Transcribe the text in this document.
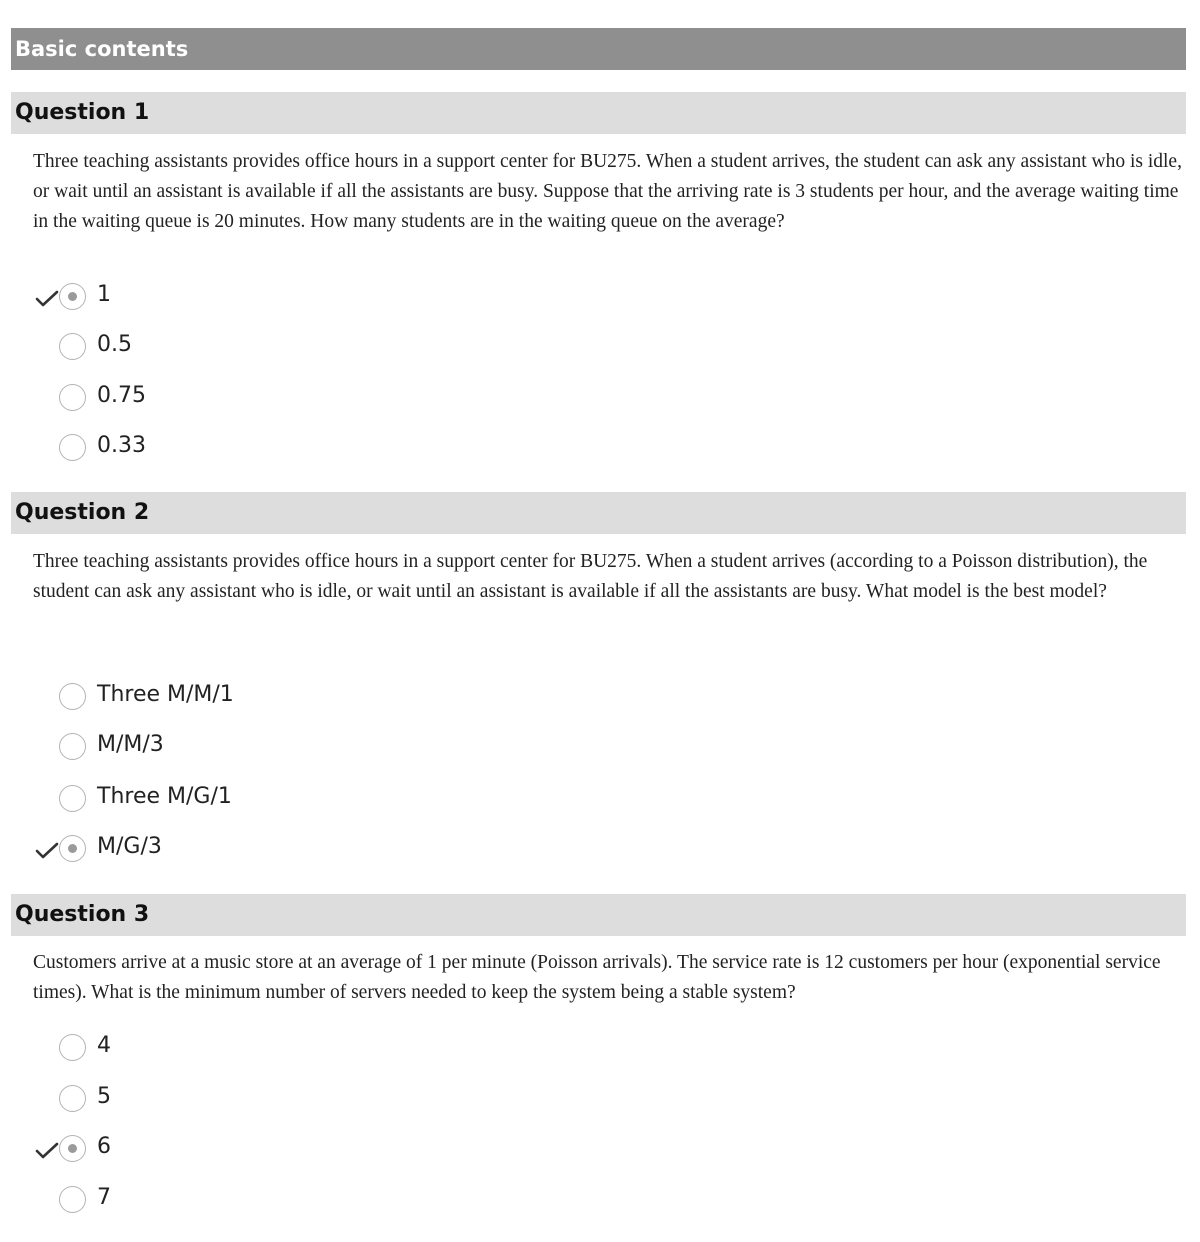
Basic contents
Question 1
Three teaching assistants provides office hours in a support center for BU275. When a student arrives, the student can ask any assistant who is idle, or wait until an assistant is available if all the assistants are busy. Suppose that the arriving rate is 3 students per hour, and the average waiting time in the waiting queue is 20 minutes. How many students are in the waiting queue on the average?
1
0.5
0.75
0.33
Question 2
Three teaching assistants provides office hours in a support center for BU275. When a student arrives (according to a Poisson distribution), the student can ask any assistant who is idle, or wait until an assistant is available if all the assistants are busy. What model is the best model?
Three M/M/1
M/M/3
Three M/G/1
M/G/3
Question 3
Customers arrive at a music store at an average of 1 per minute (Poisson arrivals). The service rate is 12 customers per hour (exponential service times). What is the minimum number of servers needed to keep the system being a stable system?
4
5
6
7
